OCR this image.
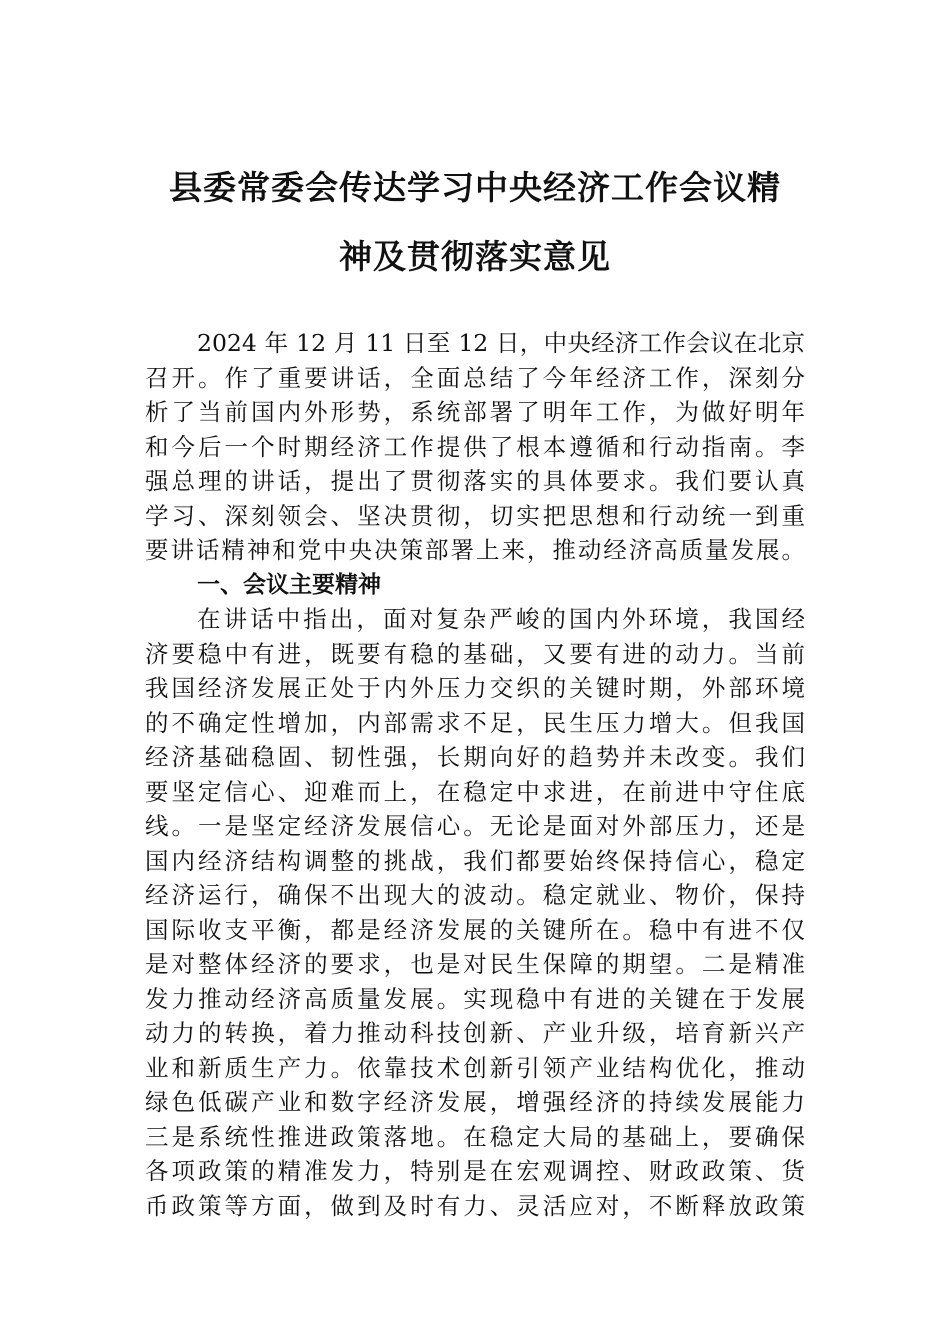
县委常委会传达学习中央经济工作会议精
神及贯彻落实意见
2024 年 12 月 11 日至 12 日，中央经济工作会议在北京
召开。作了重要讲话，全面总结了今年经济工作，深刻分
析了当前国内外形势，系统部署了明年工作，为做好明年
和今后一个时期经济工作提供了根本遵循和行动指南。李
强总理的讲话，提出了贯彻落实的具体要求。我们要认真
学习、深刻领会、坚决贯彻，切实把思想和行动统一到重
要讲话精神和党中央决策部署上来，推动经济高质量发展。
一、会议主要精神
在讲话中指出，面对复杂严峻的国内外环境，我国经
济要稳中有进，既要有稳的基础，又要有进的动力。当前
我国经济发展正处于内外压力交织的关键时期，外部环境
的不确定性增加，内部需求不足，民生压力增大。但我国
经济基础稳固、韧性强，长期向好的趋势并未改变。我们
要坚定信心、迎难而上，在稳定中求进，在前进中守住底
线。一是坚定经济发展信心。无论是面对外部压力，还是
国内经济结构调整的挑战，我们都要始终保持信心，稳定
经济运行，确保不出现大的波动。稳定就业、物价，保持
国际收支平衡，都是经济发展的关键所在。稳中有进不仅
是对整体经济的要求，也是对民生保障的期望。二是精准
发力推动经济高质量发展。实现稳中有进的关键在于发展
动力的转换，着力推动科技创新、产业升级，培育新兴产
业和新质生产力。依靠技术创新引领产业结构优化，推动
绿色低碳产业和数字经济发展，增强经济的持续发展能力
三是系统性推进政策落地。在稳定大局的基础上，要确保
各项政策的精准发力，特别是在宏观调控、财政政策、货
币政策等方面，做到及时有力、灵活应对，不断释放政策
